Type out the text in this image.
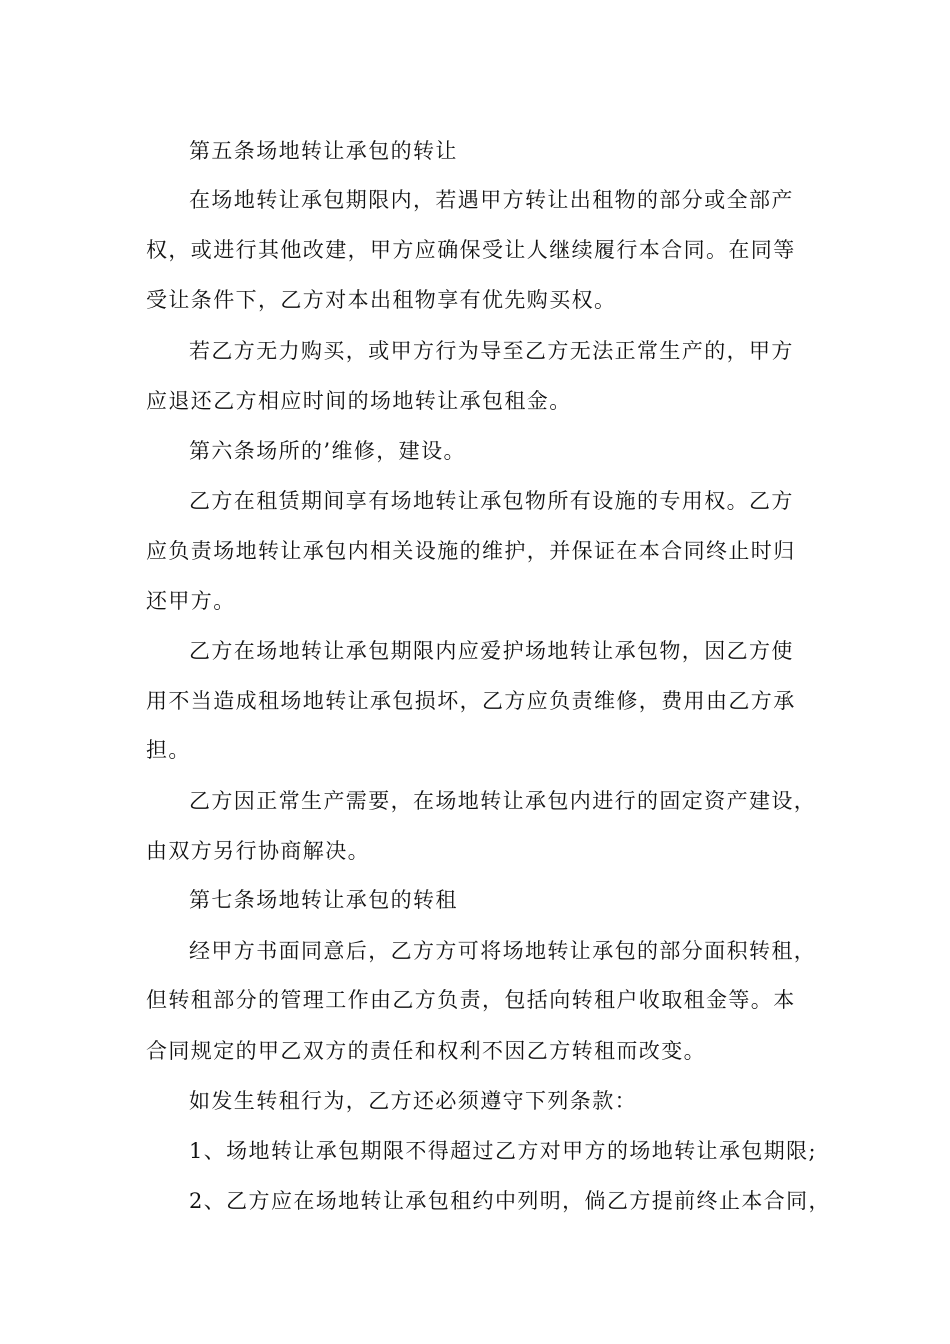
第五条场地转让承包的转让
在场地转让承包期限内，若遇甲方转让出租物的部分或全部产
权，或进行其他改建，甲方应确保受让人继续履行本合同。在同等
受让条件下，乙方对本出租物享有优先购买权。
若乙方无力购买，或甲方行为导至乙方无法正常生产的，甲方
应退还乙方相应时间的场地转让承包租金。
第六条场所的’维修，建设。
乙方在租赁期间享有场地转让承包物所有设施的专用权。乙方
应负责场地转让承包内相关设施的维护，并保证在本合同终止时归
还甲方。
乙方在场地转让承包期限内应爱护场地转让承包物，因乙方使
用不当造成租场地转让承包损坏，乙方应负责维修，费用由乙方承
担。
乙方因正常生产需要，在场地转让承包内进行的固定资产建设，
由双方另行协商解决。
第七条场地转让承包的转租
经甲方书面同意后，乙方方可将场地转让承包的部分面积转租，
但转租部分的管理工作由乙方负责，包括向转租户收取租金等。本
合同规定的甲乙双方的责任和权利不因乙方转租而改变。
如发生转租行为，乙方还必须遵守下列条款：
1、场地转让承包期限不得超过乙方对甲方的场地转让承包期限;
2、乙方应在场地转让承包租约中列明，倘乙方提前终止本合同，
